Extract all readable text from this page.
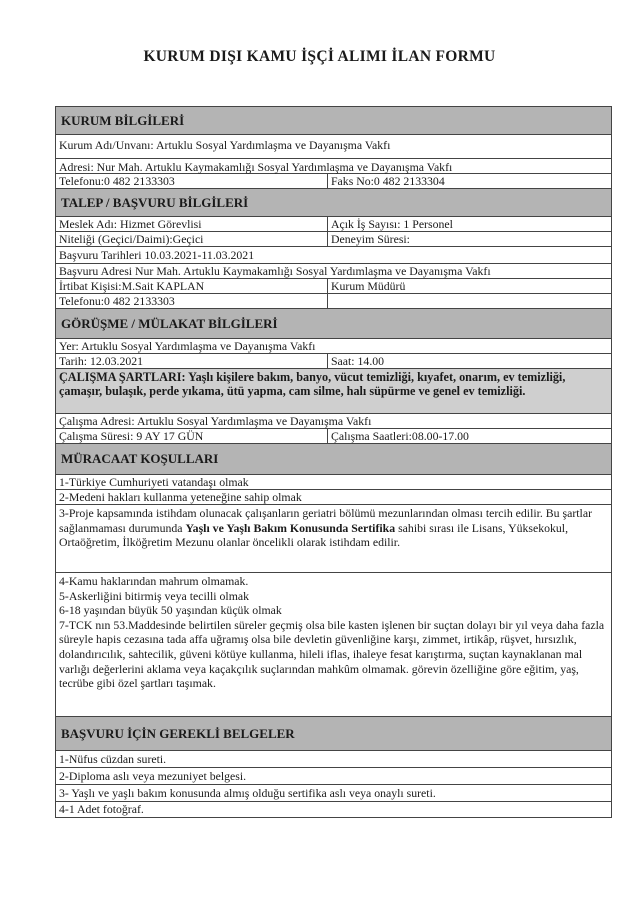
KURUM DIŞI KAMU İŞÇİ ALIMI İLAN FORMU
KURUM BİLGİLERİ
Kurum Adı/Unvanı: Artuklu Sosyal Yardımlaşma ve Dayanışma Vakfı
Adresi: Nur Mah. Artuklu Kaymakamlığı Sosyal Yardımlaşma ve Dayanışma Vakfı
Telefonu:0 482 2133303	Faks No:0 482 2133304
TALEP / BAŞVURU BİLGİLERİ
Meslek Adı: Hizmet Görevlisi	Açık İş Sayısı: 1 Personel
Niteliği (Geçici/Daimi):Geçici	Deneyim Süresi:
Başvuru Tarihleri 10.03.2021-11.03.2021
Başvuru Adresi Nur Mah. Artuklu Kaymakamlığı Sosyal Yardımlaşma ve Dayanışma Vakfı
İrtibat Kişisi:M.Sait KAPLAN	Kurum Müdürü
Telefonu:0 482 2133303
GÖRÜŞME / MÜLAKAT BİLGİLERİ
Yer: Artuklu Sosyal Yardımlaşma ve Dayanışma Vakfı
Tarih: 12.03.2021	Saat: 14.00
ÇALIŞMA ŞARTLARI: Yaşlı kişilere bakım, banyo, vücut temizliği, kıyafet, onarım, ev temizliği, çamaşır, bulaşık, perde yıkama, ütü yapma, cam silme, halı süpürme ve genel ev temizliği.
Çalışma Adresi: Artuklu Sosyal Yardımlaşma ve Dayanışma Vakfı
Çalışma Süresi: 9 AY 17 GÜN	Çalışma Saatleri:08.00-17.00
MÜRACAAT KOŞULLARI
1-Türkiye Cumhuriyeti vatandaşı olmak
2-Medeni hakları kullanma yeteneğine sahip olmak
3-Proje kapsamında istihdam olunacak çalışanların geriatri bölümü mezunlarından olması tercih edilir. Bu şartlar sağlanmaması durumunda Yaşlı ve Yaşlı Bakım Konusunda Sertifika sahibi sırası ile Lisans, Yüksekokul, Ortaöğretim, İlköğretim Mezunu olanlar öncelikli olarak istihdam edilir.

4-Kamu haklarından mahrum olmamak.

5-Askerliğini bitirmiş veya tecilli olmak

6-18 yaşından büyük 50 yaşından küçük olmak

7-TCK nın 53.Maddesinde belirtilen süreler geçmiş olsa bile kasten işlenen bir suçtan dolayı bir yıl veya daha fazla süreyle hapis cezasına tada affa uğramış olsa bile devletin güvenliğine karşı, zimmet, irtikâp, rüşvet, hırsızlık, dolandırıcılık, sahtecilik, güveni kötüye kullanma, hileli iflas, ihaleye fesat karıştırma, suçtan kaynaklanan mal varlığı değerlerini aklama veya kaçakçılık suçlarından mahkûm olmamak. görevin özelliğine göre eğitim, yaş, tecrübe gibi özel şartları taşımak.

BAŞVURU İÇİN GEREKLİ BELGELER
1-Nüfus cüzdan sureti.
2-Diploma aslı veya mezuniyet belgesi.
3- Yaşlı ve yaşlı bakım konusunda almış olduğu sertifika aslı veya onaylı sureti.
4-1 Adet fotoğraf.
